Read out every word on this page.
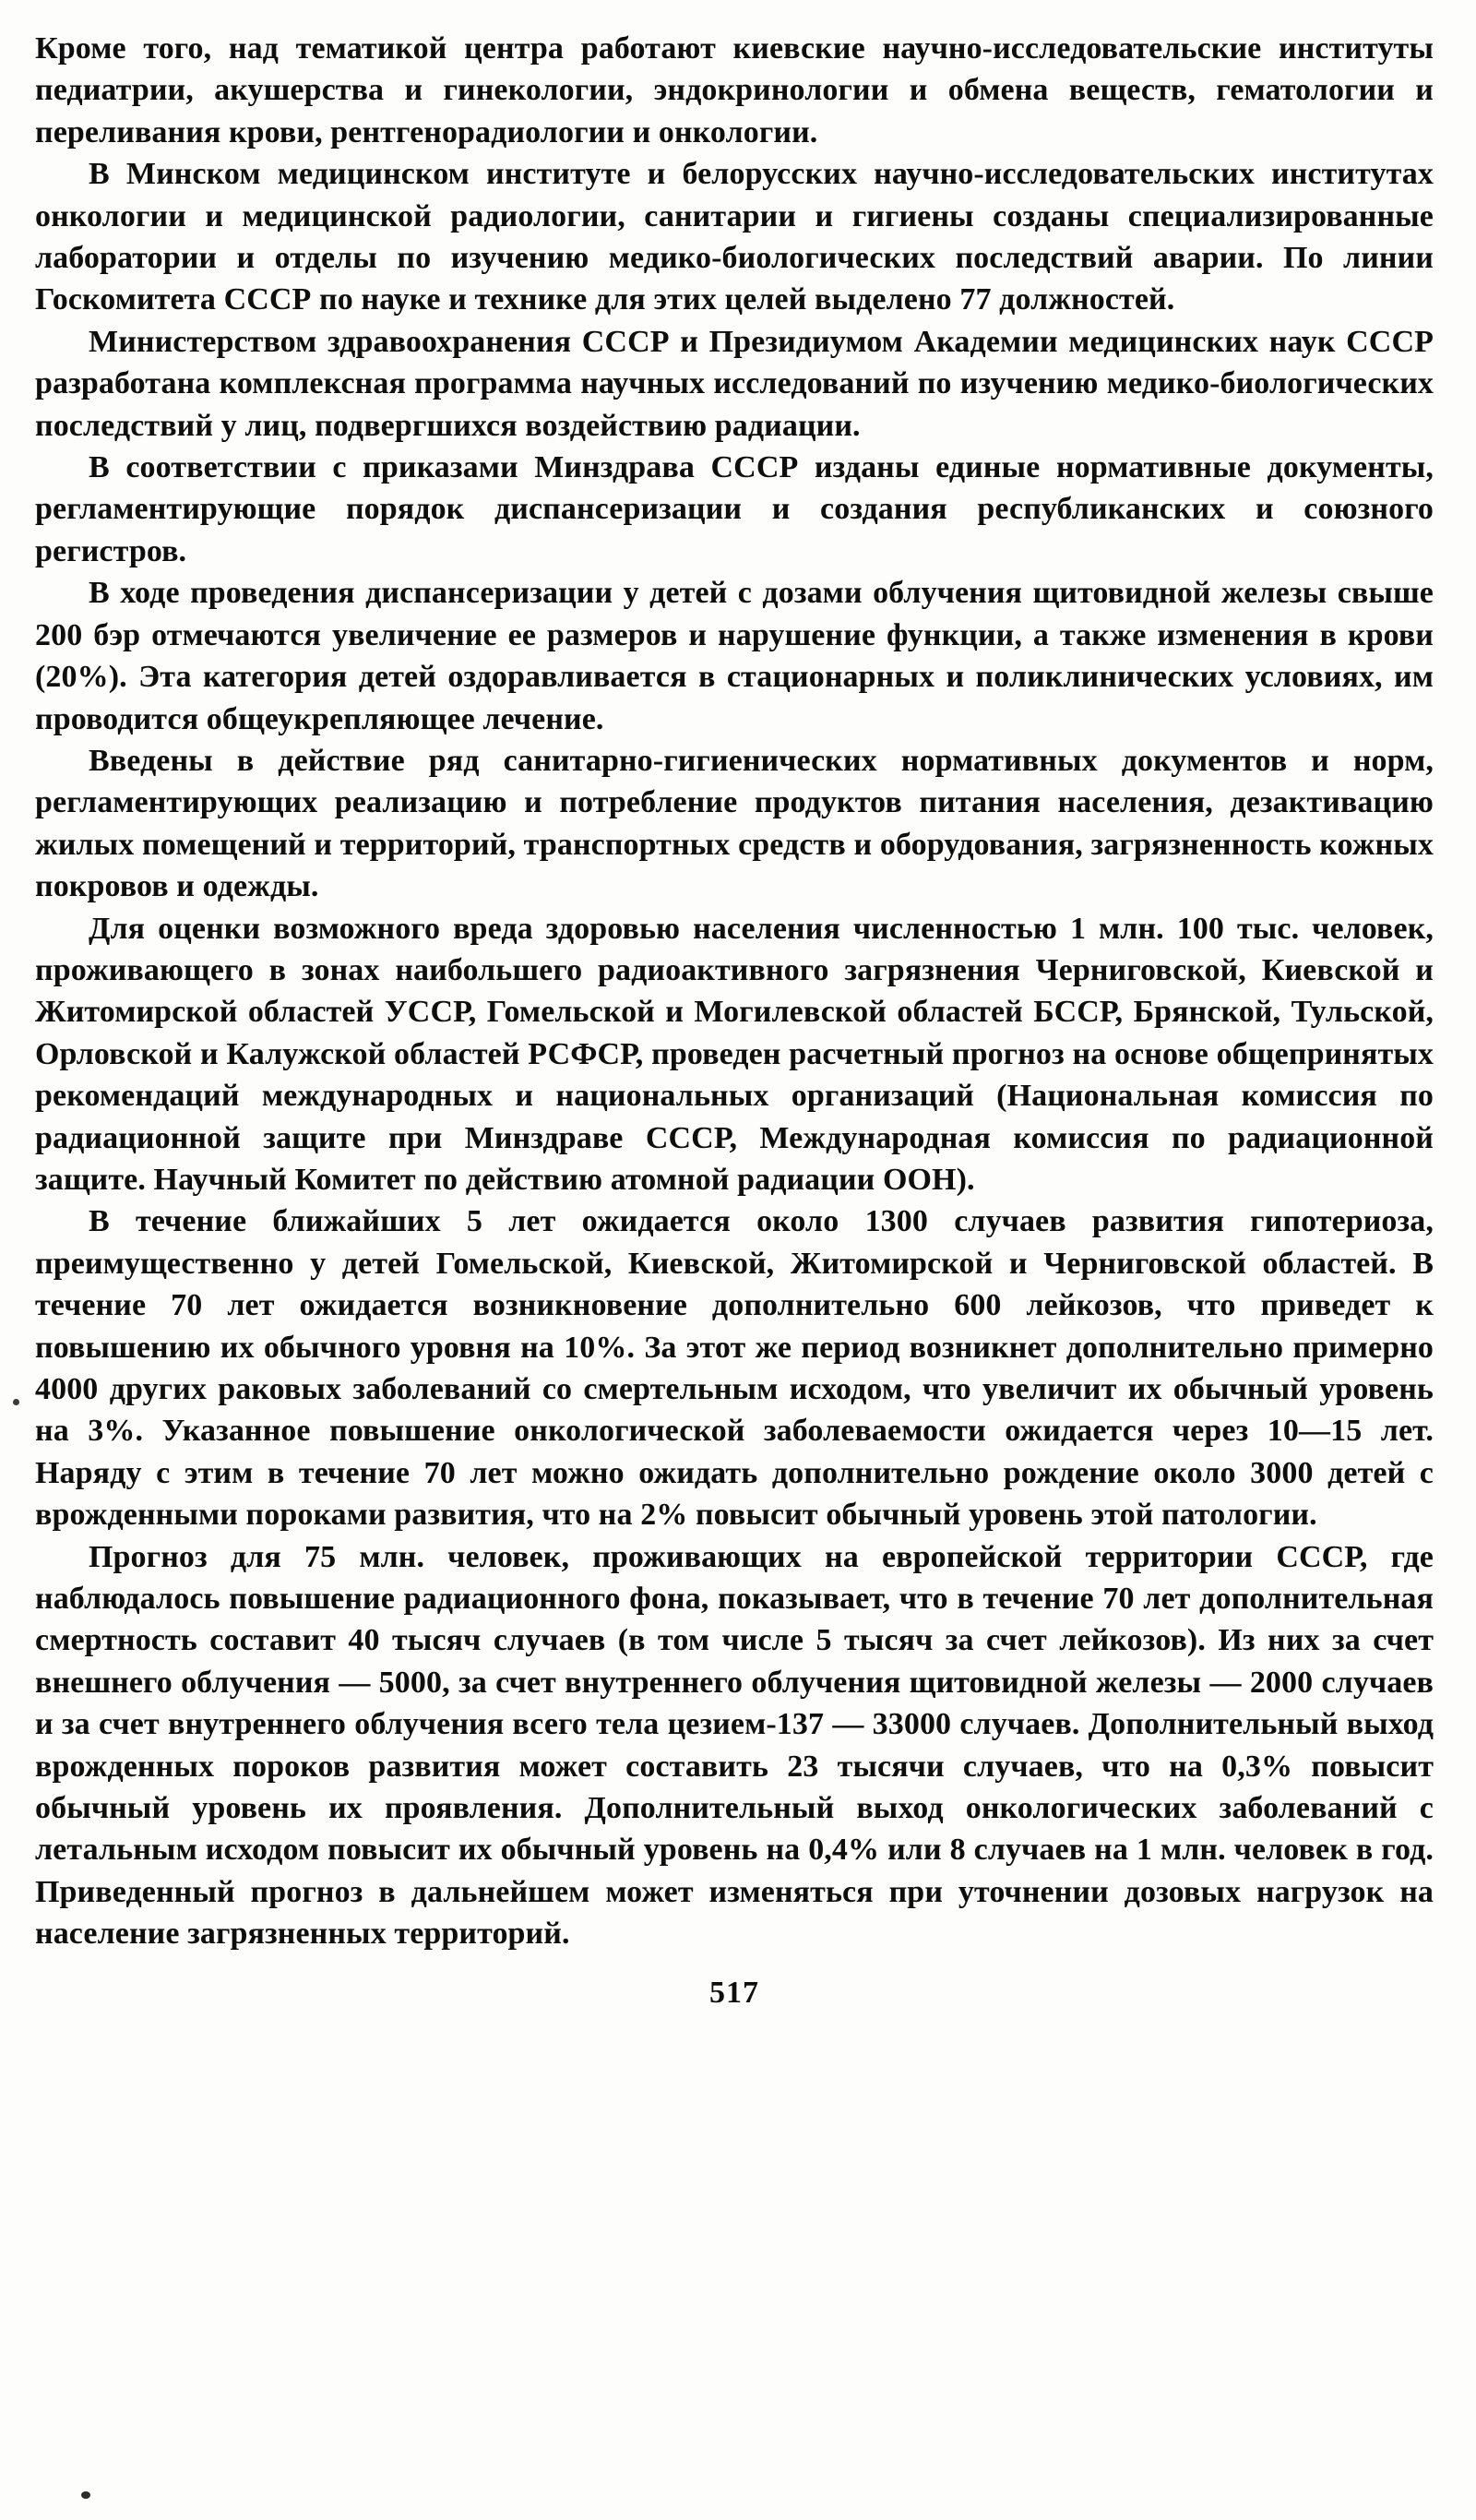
Кроме того, над тематикой центра работают киевские научно-исследовательские институты педиатрии, акушерства и гинекологии, эндокринологии и обмена веществ, гематологии и переливания крови, рентгенорадиологии и онкологии.

В Минском медицинском институте и белорусских научно-исследовательских институтах онкологии и медицинской радиологии, санитарии и гигиены созданы специализированные лаборатории и отделы по изучению медико-биологических последствий аварии. По линии Госкомитета СССР по науке и технике для этих целей выделено 77 должностей.

Министерством здравоохранения СССР и Президиумом Академии медицинских наук СССР разработана комплексная программа научных исследований по изучению медико-биологических последствий у лиц, подвергшихся воздействию радиации.

В соответствии с приказами Минздрава СССР изданы единые нормативные документы, регламентирующие порядок диспансеризации и создания республиканских и союзного регистров.

В ходе проведения диспансеризации у детей с дозами облучения щитовидной железы свыше 200 бэр отмечаются увеличение ее размеров и нарушение функции, а также изменения в крови (20%). Эта категория детей оздоравливается в стационарных и поликлинических условиях, им проводится общеукрепляющее лечение.

Введены в действие ряд санитарно-гигиенических нормативных документов и норм, регламентирующих реализацию и потребление продуктов питания населения, дезактивацию жилых помещений и территорий, транспортных средств и оборудования, загрязненность кожных покровов и одежды.

Для оценки возможного вреда здоровью населения численностью 1 млн. 100 тыс. человек, проживающего в зонах наибольшего радиоактивного загрязнения Черниговской, Киевской и Житомирской областей УССР, Гомельской и Могилевской областей БССР, Брянской, Тульской, Орловской и Калужской областей РСФСР, проведен расчетный прогноз на основе общепринятых рекомендаций международных и национальных организаций (Национальная комиссия по радиационной защите при Минздраве СССР, Международная комиссия по радиационной защите. Научный Комитет по действию атомной радиации ООН).

В течение ближайших 5 лет ожидается около 1300 случаев развития гипотериоза, преимущественно у детей Гомельской, Киевской, Житомирской и Черниговской областей. В течение 70 лет ожидается возникновение дополнительно 600 лейкозов, что приведет к повышению их обычного уровня на 10%. За этот же период возникнет дополнительно примерно 4000 других раковых заболеваний со смертельным исходом, что увеличит их обычный уровень на 3%. Указанное повышение онкологической заболеваемости ожидается через 10—15 лет. Наряду с этим в течение 70 лет можно ожидать дополнительно рождение около 3000 детей с врожденными пороками развития, что на 2% повысит обычный уровень этой патологии.

Прогноз для 75 млн. человек, проживающих на европейской территории СССР, где наблюдалось повышение радиационного фона, показывает, что в течение 70 лет дополнительная смертность составит 40 тысяч случаев (в том числе 5 тысяч за счет лейкозов). Из них за счет внешнего облучения — 5000, за счет внутреннего облучения щитовидной железы — 2000 случаев и за счет внутреннего облучения всего тела цезием-137 — 33000 случаев. Дополнительный выход врожденных пороков развития может составить 23 тысячи случаев, что на 0,3% повысит обычный уровень их проявления. Дополнительный выход онкологических заболеваний с летальным исходом повысит их обычный уровень на 0,4% или 8 случаев на 1 млн. человек в год. Приведенный прогноз в дальнейшем может изменяться при уточнении дозовых нагрузок на население загрязненных территорий.

517
